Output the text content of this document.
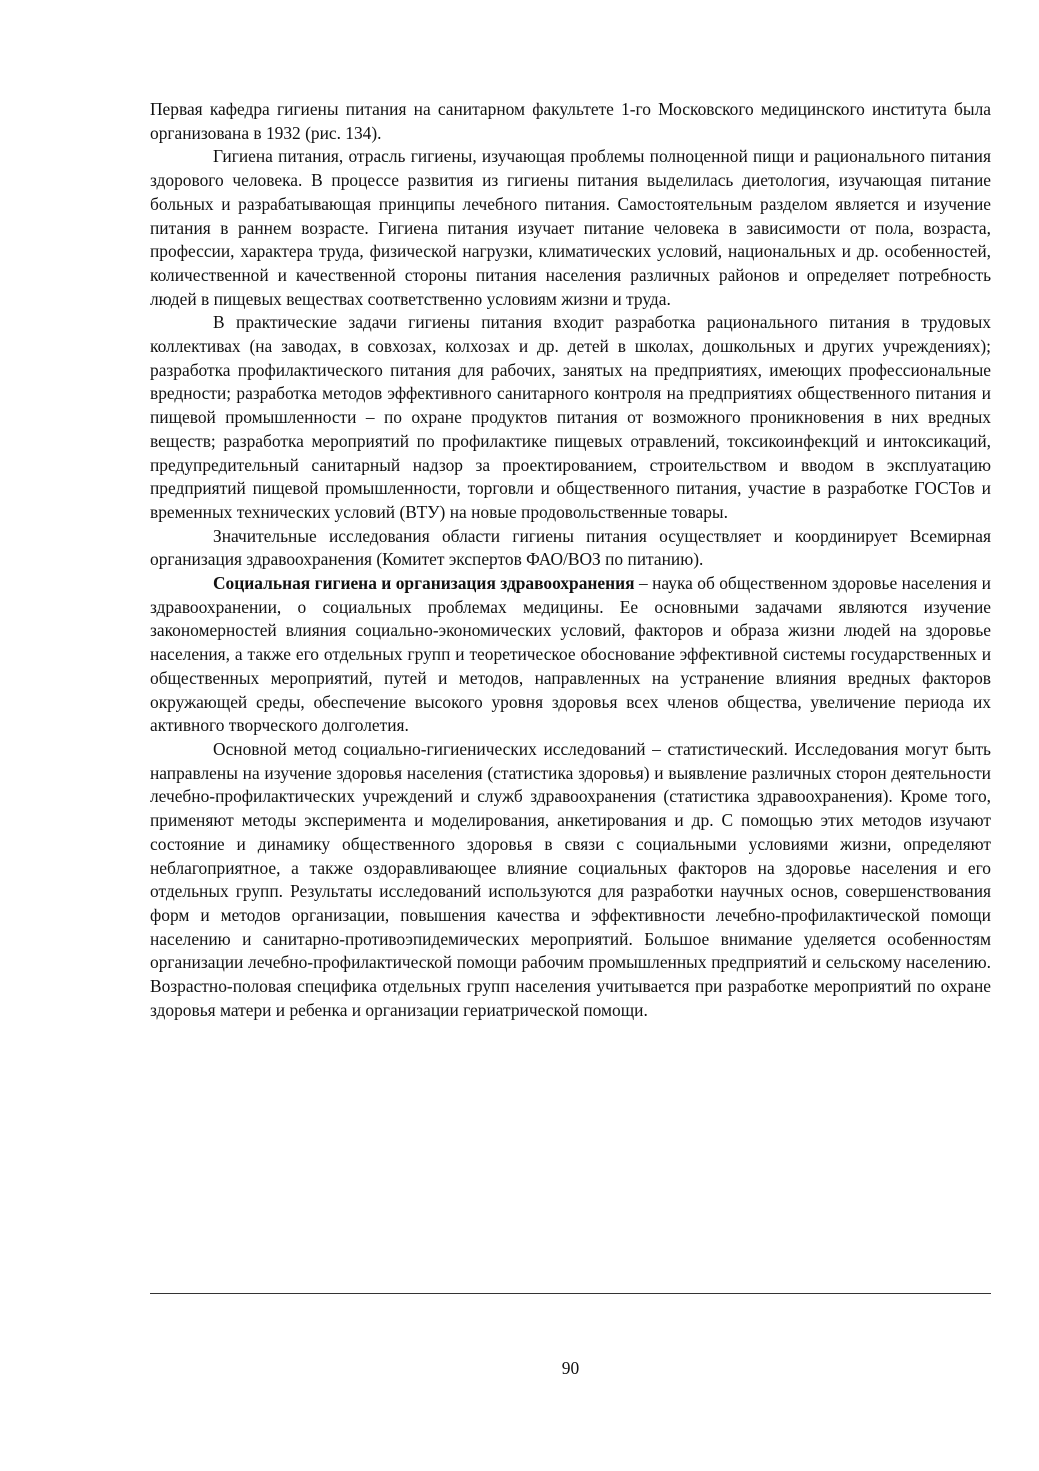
Первая кафедра гигиены питания на санитарном факультете 1-го Московского медицинского института была организована в 1932 (рис. 134).

Гигиена питания, отрасль гигиены, изучающая проблемы полноценной пищи и рационального питания здорового человека. В процессе развития из гигиены питания выделилась диетология, изучающая питание больных и разрабатывающая принципы лечебного питания. Самостоятельным разделом является и изучение питания в раннем возрасте. Гигиена питания изучает питание человека в зависимости от пола, возраста, профессии, характера труда, физической нагрузки, климатических условий, национальных и др. особенностей, количественной и качественной стороны питания населения различных районов и определяет потребность людей в пищевых веществах соответственно условиям жизни и труда.

В практические задачи гигиены питания входит разработка рационального питания в трудовых коллективах (на заводах, в совхозах, колхозах и др. детей в школах, дошкольных и других учреждениях); разработка профилактического питания для рабочих, занятых на предприятиях, имеющих профессиональные вредности; разработка методов эффективного санитарного контроля на предприятиях общественного питания и пищевой промышленности – по охране продуктов питания от возможного проникновения в них вредных веществ; разработка мероприятий по профилактике пищевых отравлений, токсикоинфекций и интоксикаций, предупредительный санитарный надзор за проектированием, строительством и вводом в эксплуатацию предприятий пищевой промышленности, торговли и общественного питания, участие в разработке ГОСТов и временных технических условий (ВТУ) на новые продовольственные товары.

Значительные исследования области гигиены питания осуществляет и координирует Всемирная организация здравоохранения (Комитет экспертов ФАО/ВОЗ по питанию).

Социальная гигиена и организация здравоохранения – наука об общественном здоровье населения и здравоохранении, о социальных проблемах медицины. Ее основными задачами являются изучение закономерностей влияния социально-экономических условий, факторов и образа жизни людей на здоровье населения, а также его отдельных групп и теоретическое обоснование эффективной системы государственных и общественных мероприятий, путей и методов, направленных на устранение влияния вредных факторов окружающей среды, обеспечение высокого уровня здоровья всех членов общества, увеличение периода их активного творческого долголетия.

Основной метод социально-гигиенических исследований – статистический. Исследования могут быть направлены на изучение здоровья населения (статистика здоровья) и выявление различных сторон деятельности лечебно-профилактических учреждений и служб здравоохранения (статистика здравоохранения). Кроме того, применяют методы эксперимента и моделирования, анкетирования и др. С помощью этих методов изучают состояние и динамику общественного здоровья в связи с социальными условиями жизни, определяют неблагоприятное, а также оздоравливающее влияние социальных факторов на здоровье населения и его отдельных групп. Результаты исследований используются для разработки научных основ, совершенствования форм и методов организации, повышения качества и эффективности лечебно-профилактической помощи населению и санитарно-противоэпидемических мероприятий. Большое внимание уделяется особенностям организации лечебно-профилактической помощи рабочим промышленных предприятий и сельскому населению. Возрастно-половая специфика отдельных групп населения учитывается при разработке мероприятий по охране здоровья матери и ребенка и организации гериатрической помощи.

90
